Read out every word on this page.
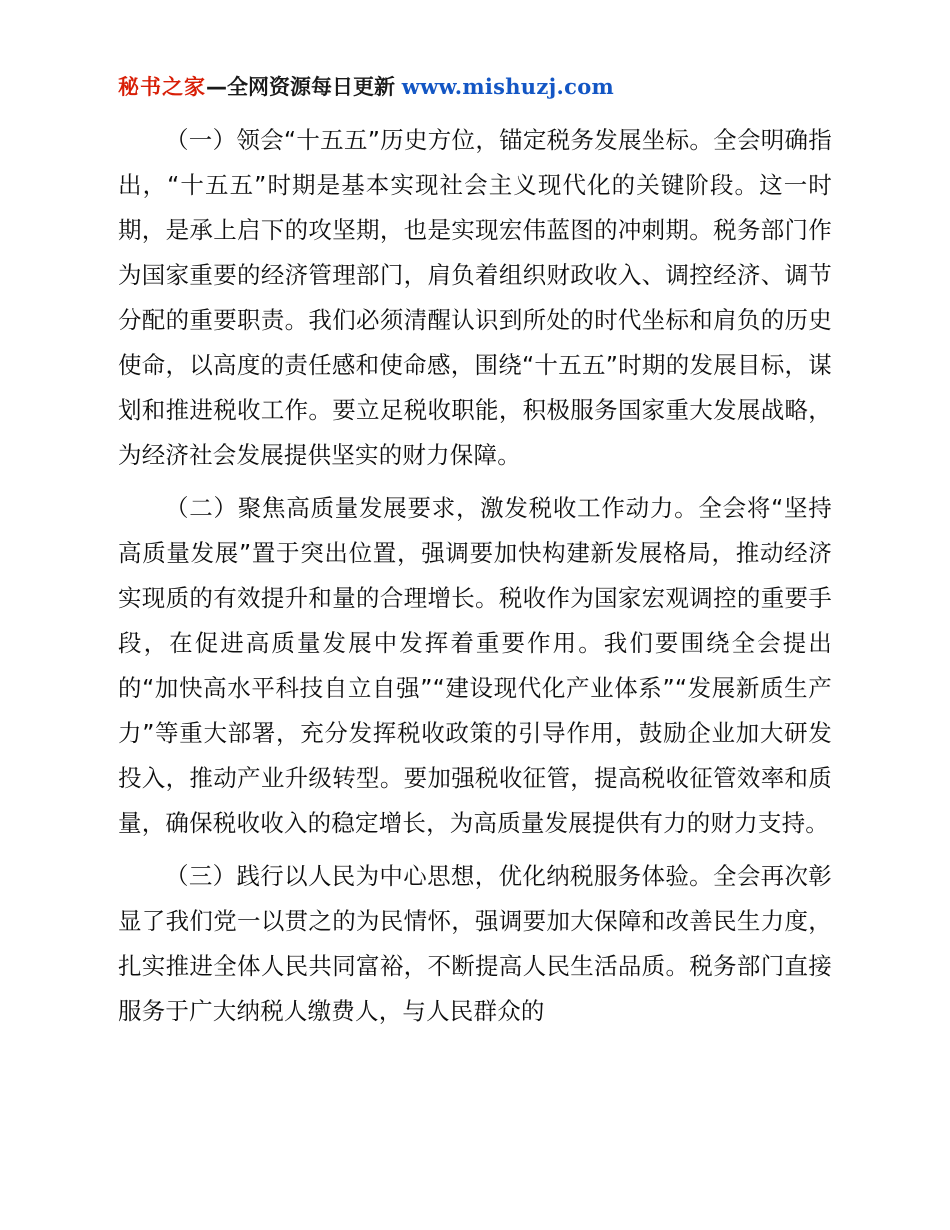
秘书之家—全网资源每日更新 www.mishuzj.com

（一）领会“十五五”历史方位，锚定税务发展坐标。全会明确指出，“十五五”时期是基本实现社会主义现代化的关键阶段。这一时期，是承上启下的攻坚期，也是实现宏伟蓝图的冲刺期。税务部门作为国家重要的经济管理部门，肩负着组织财政收入、调控经济、调节分配的重要职责。我们必须清醒认识到所处的时代坐标和肩负的历史使命，以高度的责任感和使命感，围绕“十五五”时期的发展目标，谋划和推进税收工作。要立足税收职能，积极服务国家重大发展战略，为经济社会发展提供坚实的财力保障。

（二）聚焦高质量发展要求，激发税收工作动力。全会将“坚持高质量发展”置于突出位置，强调要加快构建新发展格局，推动经济实现质的有效提升和量的合理增长。税收作为国家宏观调控的重要手段，在促进高质量发展中发挥着重要作用。我们要围绕全会提出的“加快高水平科技自立自强”“建设现代化产业体系”“发展新质生产力”等重大部署，充分发挥税收政策的引导作用，鼓励企业加大研发投入，推动产业升级转型。要加强税收征管，提高税收征管效率和质量，确保税收收入的稳定增长，为高质量发展提供有力的财力支持。

（三）践行以人民为中心思想，优化纳税服务体验。全会再次彰显了我们党一以贯之的为民情怀，强调要加大保障和改善民生力度，扎实推进全体人民共同富裕，不断提高人民生活品质。税务部门直接服务于广大纳税人缴费人，与人民群众的
